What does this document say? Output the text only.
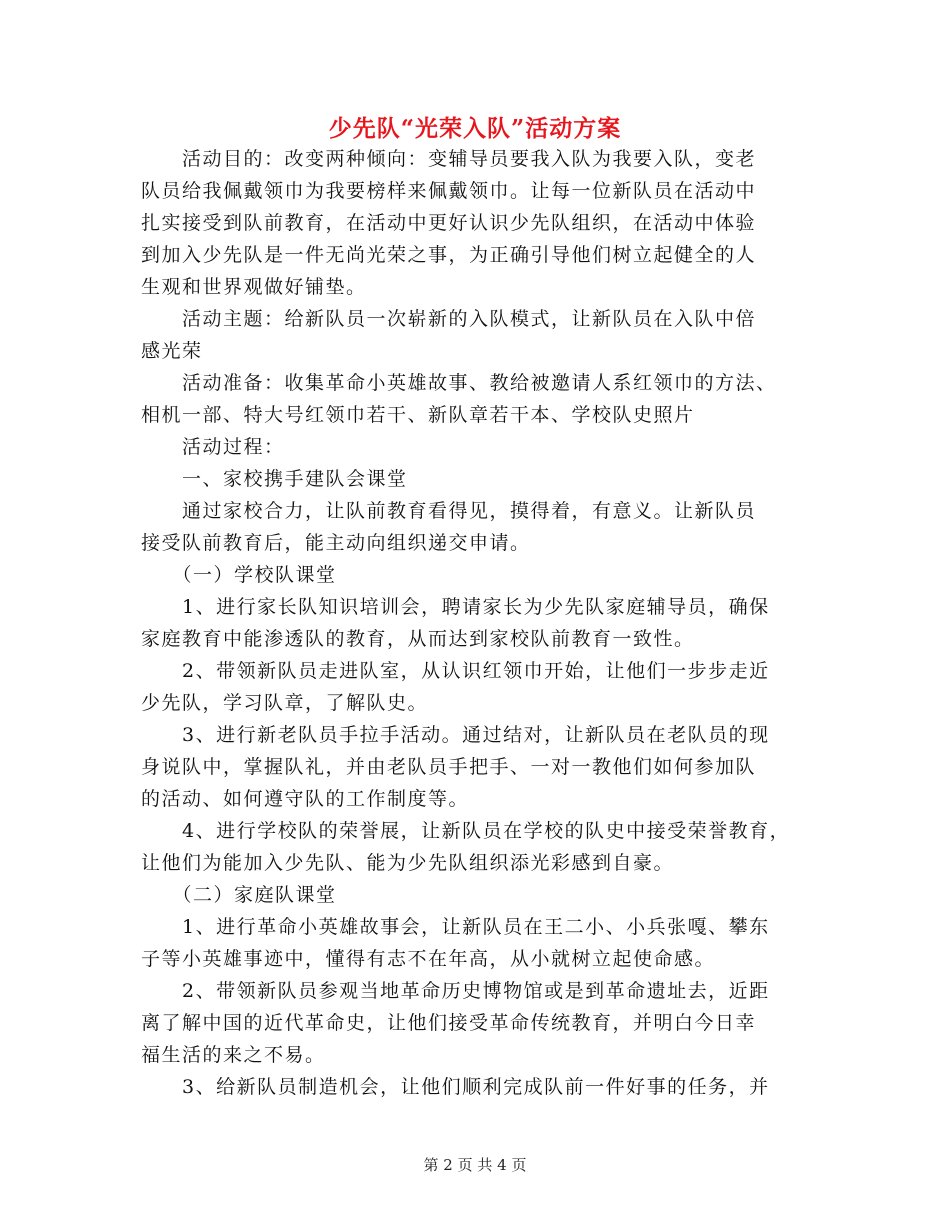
少先队“光荣入队”活动方案
　　活动目的：改变两种倾向：变辅导员要我入队为我要入队，变老
队员给我佩戴领巾为我要榜样来佩戴领巾。让每一位新队员在活动中
扎实接受到队前教育，在活动中更好认识少先队组织，在活动中体验
到加入少先队是一件无尚光荣之事，为正确引导他们树立起健全的人
生观和世界观做好铺垫。
　　活动主题：给新队员一次崭新的入队模式，让新队员在入队中倍
感光荣
　　活动准备：收集革命小英雄故事、教给被邀请人系红领巾的方法、
相机一部、特大号红领巾若干、新队章若干本、学校队史照片
　　活动过程：
　　一、家校携手建队会课堂
　　通过家校合力，让队前教育看得见，摸得着，有意义。让新队员
接受队前教育后，能主动向组织递交申请。
　　（一）学校队课堂
　　1、进行家长队知识培训会，聘请家长为少先队家庭辅导员，确保
家庭教育中能渗透队的教育，从而达到家校队前教育一致性。
　　2、带领新队员走进队室，从认识红领巾开始，让他们一步步走近
少先队，学习队章，了解队史。
　　3、进行新老队员手拉手活动。通过结对，让新队员在老队员的现
身说队中，掌握队礼，并由老队员手把手、一对一教他们如何参加队
的活动、如何遵守队的工作制度等。
　　4、进行学校队的荣誉展，让新队员在学校的队史中接受荣誉教育，
让他们为能加入少先队、能为少先队组织添光彩感到自豪。
　　（二）家庭队课堂
　　1、进行革命小英雄故事会，让新队员在王二小、小兵张嘎、攀东
子等小英雄事迹中，懂得有志不在年高，从小就树立起使命感。
　　2、带领新队员参观当地革命历史博物馆或是到革命遗址去，近距
离了解中国的近代革命史，让他们接受革命传统教育，并明白今日幸
福生活的来之不易。
　　3、给新队员制造机会，让他们顺利完成队前一件好事的任务，并
第 2 页 共 4 页
